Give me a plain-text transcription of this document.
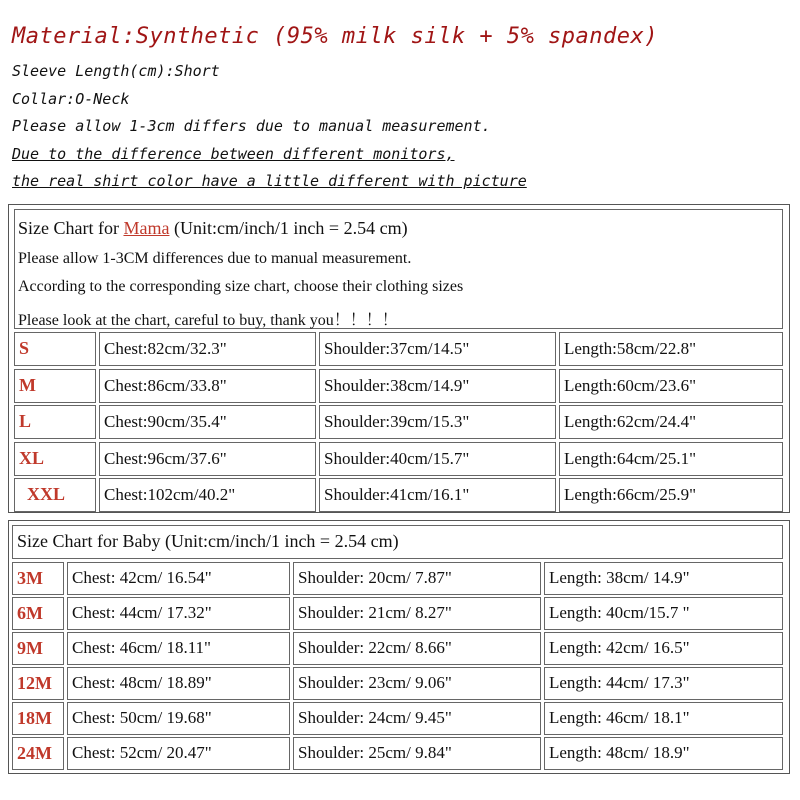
Material:Synthetic (95% milk silk + 5% spandex)
Sleeve Length(cm):Short
Collar:O-Neck
Please allow 1-3cm differs due to manual measurement.
Due to the difference between different monitors,
the real shirt color have a little different with picture
Size Chart for Mama (Unit:cm/inch/1 inch = 2.54 cm)
Please allow 1-3CM differences due to manual measurement.
According to the corresponding size chart, choose their clothing sizes
Please look at the chart, careful to buy, thank you！！！！
S	Chest:82cm/32.3"	Shoulder:37cm/14.5"	Length:58cm/22.8"
M	Chest:86cm/33.8"	Shoulder:38cm/14.9"	Length:60cm/23.6"
L	Chest:90cm/35.4"	Shoulder:39cm/15.3"	Length:62cm/24.4"
XL	Chest:96cm/37.6"	Shoulder:40cm/15.7"	Length:64cm/25.1"
XXL	Chest:102cm/40.2"	Shoulder:41cm/16.1"	Length:66cm/25.9"
Size Chart for Baby (Unit:cm/inch/1 inch = 2.54 cm)
3M	Chest: 42cm/ 16.54"	Shoulder: 20cm/ 7.87"	Length: 38cm/ 14.9"
6M	Chest: 44cm/ 17.32"	Shoulder: 21cm/ 8.27"	Length: 40cm/15.7 "
9M	Chest: 46cm/ 18.11"	Shoulder: 22cm/ 8.66"	Length: 42cm/ 16.5"
12M	Chest: 48cm/ 18.89"	Shoulder: 23cm/ 9.06"	Length: 44cm/ 17.3"
18M	Chest: 50cm/ 19.68"	Shoulder: 24cm/ 9.45"	Length: 46cm/ 18.1"
24M	Chest: 52cm/ 20.47"	Shoulder: 25cm/ 9.84"	Length: 48cm/ 18.9"
